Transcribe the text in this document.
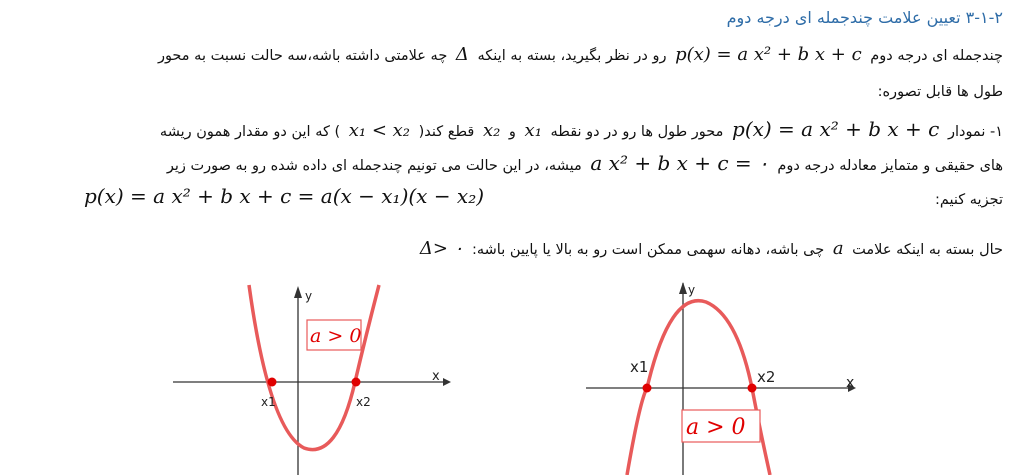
۳-۱-۲ تعیین علامت چندجمله ای درجه دوم
چندجمله ای درجه دوم p(x) = a x² + b x + c رو در نظر بگیرید، بسته به اینکه Δ چه علامتی داشته باشه،سه حالت نسبت به محور
طول ها قابل تصوره:
۱- نمودار p(x) = a x² + b x + c محور طول ها رو در دو نقطه x₁ و x₂ قطع کند( x₁ < x₂ ) که این دو مقدار همون ریشه
های حقیقی و متمایز معادله درجه دوم a x² + b x + c = ۰ میشه، در این حالت می تونیم چندجمله ای داده شده رو به صورت زیر
تجزیه کنیم:
p(x) = a x² + b x + c = a(x − x₁)(x − x₂)
حال بسته به اینکه علامت a چی باشه، دهانه سهمی ممکن است رو به بالا یا پایین باشه: Δ> ۰
y
x
x1	x2
a > 0
y
x
x1
x2
a > 0
